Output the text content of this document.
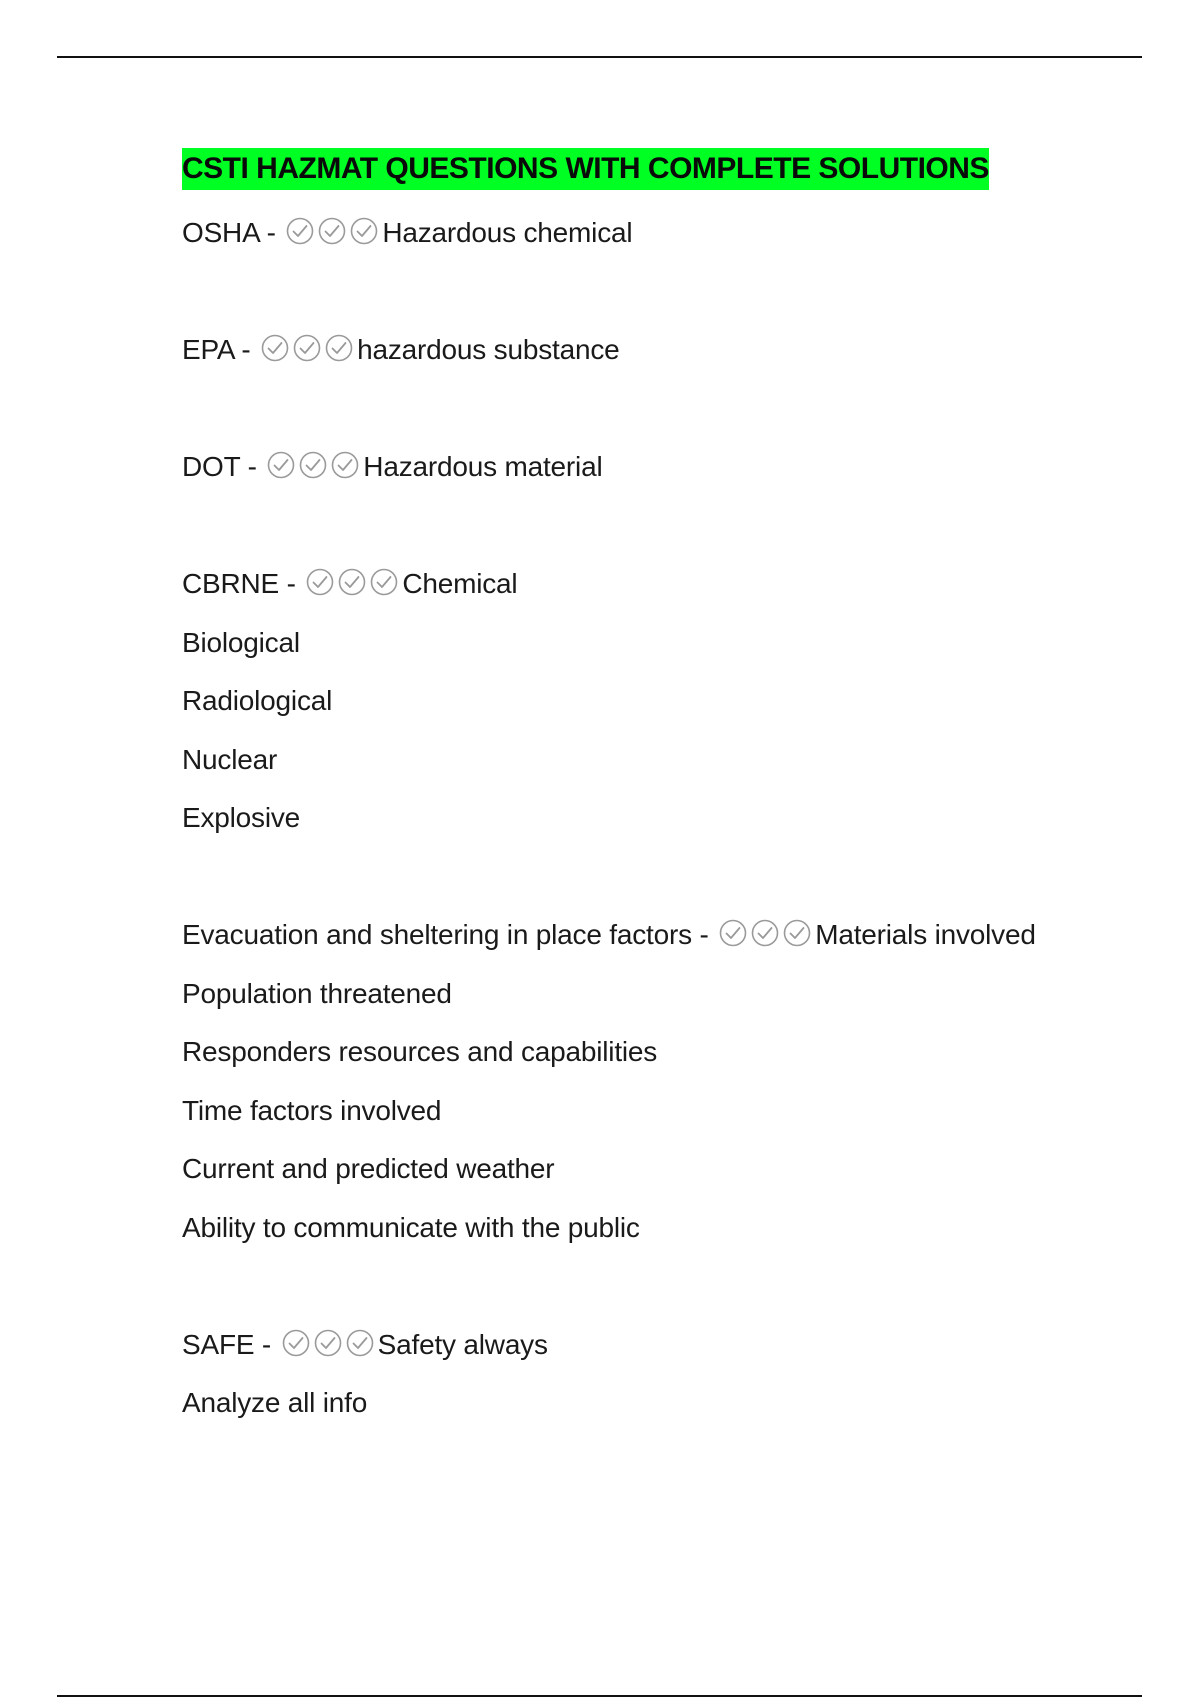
CSTI HAZMAT QUESTIONS WITH COMPLETE SOLUTIONS
OSHA -	Hazardous chemical
EPA -	hazardous substance
DOT -	Hazardous material
CBRNE -	Chemical
Biological
Radiological
Nuclear
Explosive
Evacuation and sheltering in place factors -	Materials involved
Population threatened
Responders resources and capabilities
Time factors involved
Current and predicted weather
Ability to communicate with the public
SAFE -	Safety always
Analyze all info
